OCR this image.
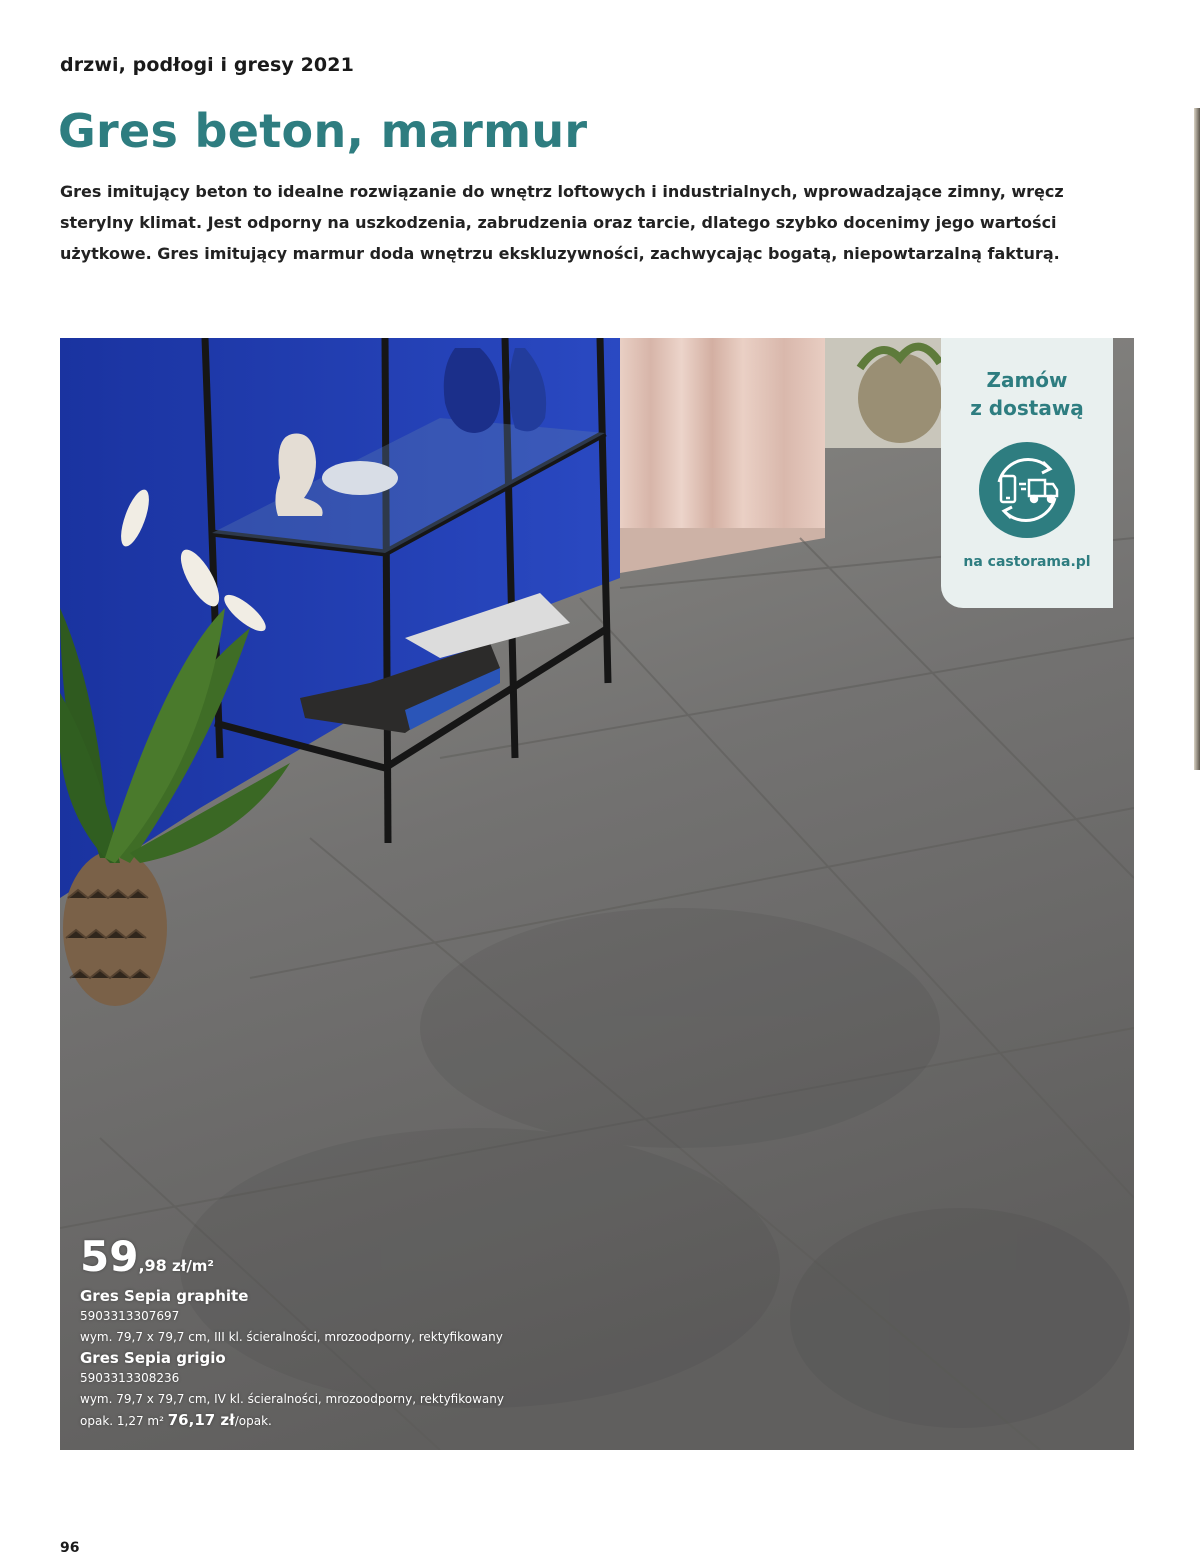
drzwi, podłogi i gresy 2021
Gres beton, marmur

Gres imitujący beton to idealne rozwiązanie do wnętrz loftowych i industrialnych, wprowadzające zimny, wręcz sterylny klimat. Jest odporny na uszkodzenia, zabrudzenia oraz tarcie, dlatego szybko docenimy jego wartości użytkowe. Gres imitujący marmur doda wnętrzu ekskluzywności, zachwycając bogatą, niepowtarzalną fakturą.

Zamów
z dostawą
na castorama.pl
59,98 zł/m²
Gres Sepia graphite
5903313307697
wym. 79,7 x 79,7 cm, III kl. ścieralności, mrozoodporny, rektyfikowany
Gres Sepia grigio
5903313308236
wym. 79,7 x 79,7 cm, IV kl. ścieralności, mrozoodporny, rektyfikowany
opak. 1,27 m² 76,17 zł/opak.
96
